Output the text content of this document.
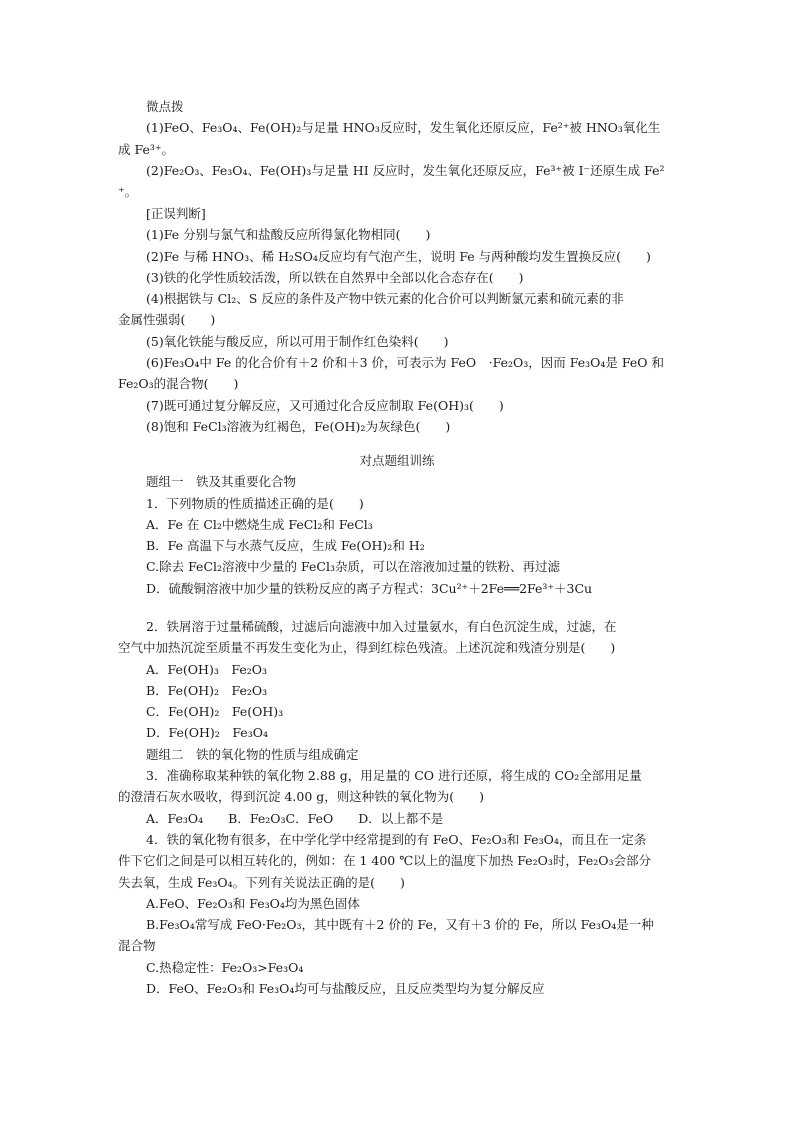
微点拨
(1)FeO、Fe₃O₄、Fe(OH)₂与足量 HNO₃反应时，发生氧化还原反应，Fe²⁺被 HNO₃氧化生
成 Fe³⁺。
(2)Fe₂O₃、Fe₃O₄、Fe(OH)₃与足量 HI 反应时，发生氧化还原反应，Fe³⁺被 I⁻还原生成 Fe²
⁺。
[正误判断]
(1)Fe 分别与氯气和盐酸反应所得氯化物相同(　　)
(2)Fe 与稀 HNO₃、稀 H₂SO₄反应均有气泡产生，说明 Fe 与两种酸均发生置换反应(　　)
(3)铁的化学性质较活泼，所以铁在自然界中全部以化合态存在(　　)
(4)根据铁与 Cl₂、S 反应的条件及产物中铁元素的化合价可以判断氯元素和硫元素的非
金属性强弱(　　)
(5)氧化铁能与酸反应，所以可用于制作红色染料(　　)
(6)Fe₃O₄中 Fe 的化合价有＋2 价和＋3 价，可表示为 FeO　·Fe₂O₃，因而 Fe₃O₄是 FeO 和
Fe₂O₃的混合物(　　)
(7)既可通过复分解反应，又可通过化合反应制取 Fe(OH)₃(　　)
(8)饱和 FeCl₃溶液为红褐色，Fe(OH)₂为灰绿色(　　)
对点题组训练
题组一　铁及其重要化合物
1．下列物质的性质描述正确的是(　　)
A．Fe 在 Cl₂中燃烧生成 FeCl₂和 FeCl₃
B．Fe 高温下与水蒸气反应，生成 Fe(OH)₂和 H₂
C.除去 FeCl₂溶液中少量的 FeCl₃杂质，可以在溶液加过量的铁粉、再过滤
D．硫酸铜溶液中加少量的铁粉反应的离子方程式：3Cu²⁺＋2Fe══2Fe³⁺＋3Cu
2．铁屑溶于过量稀硫酸，过滤后向滤液中加入过量氨水，有白色沉淀生成，过滤，在
空气中加热沉淀至质量不再发生变化为止，得到红棕色残渣。上述沉淀和残渣分别是(　　)
A．Fe(OH)₃　Fe₂O₃
B．Fe(OH)₂　Fe₂O₃
C．Fe(OH)₂　Fe(OH)₃
D．Fe(OH)₂　Fe₃O₄
题组二　铁的氧化物的性质与组成确定
3．准确称取某种铁的氧化物 2.88 g，用足量的 CO 进行还原，将生成的 CO₂全部用足量
的澄清石灰水吸收，得到沉淀 4.00 g，则这种铁的氧化物为(　　)
A．Fe₃O₄　　B．Fe₂O₃C．FeO　　D．以上都不是
4．铁的氧化物有很多，在中学化学中经常提到的有 FeO、Fe₂O₃和 Fe₃O₄，而且在一定条
件下它们之间是可以相互转化的，例如：在 1 400 ℃以上的温度下加热 Fe₂O₃时，Fe₂O₃会部分
失去氧，生成 Fe₃O₄。下列有关说法正确的是(　　)
A.FeO、Fe₂O₃和 Fe₃O₄均为黑色固体
B.Fe₃O₄常写成 FeO·Fe₂O₃，其中既有＋2 价的 Fe，又有＋3 价的 Fe，所以 Fe₃O₄是一种
混合物
C.热稳定性：Fe₂O₃>Fe₃O₄
D．FeO、Fe₂O₃和 Fe₃O₄均可与盐酸反应，且反应类型均为复分解反应
